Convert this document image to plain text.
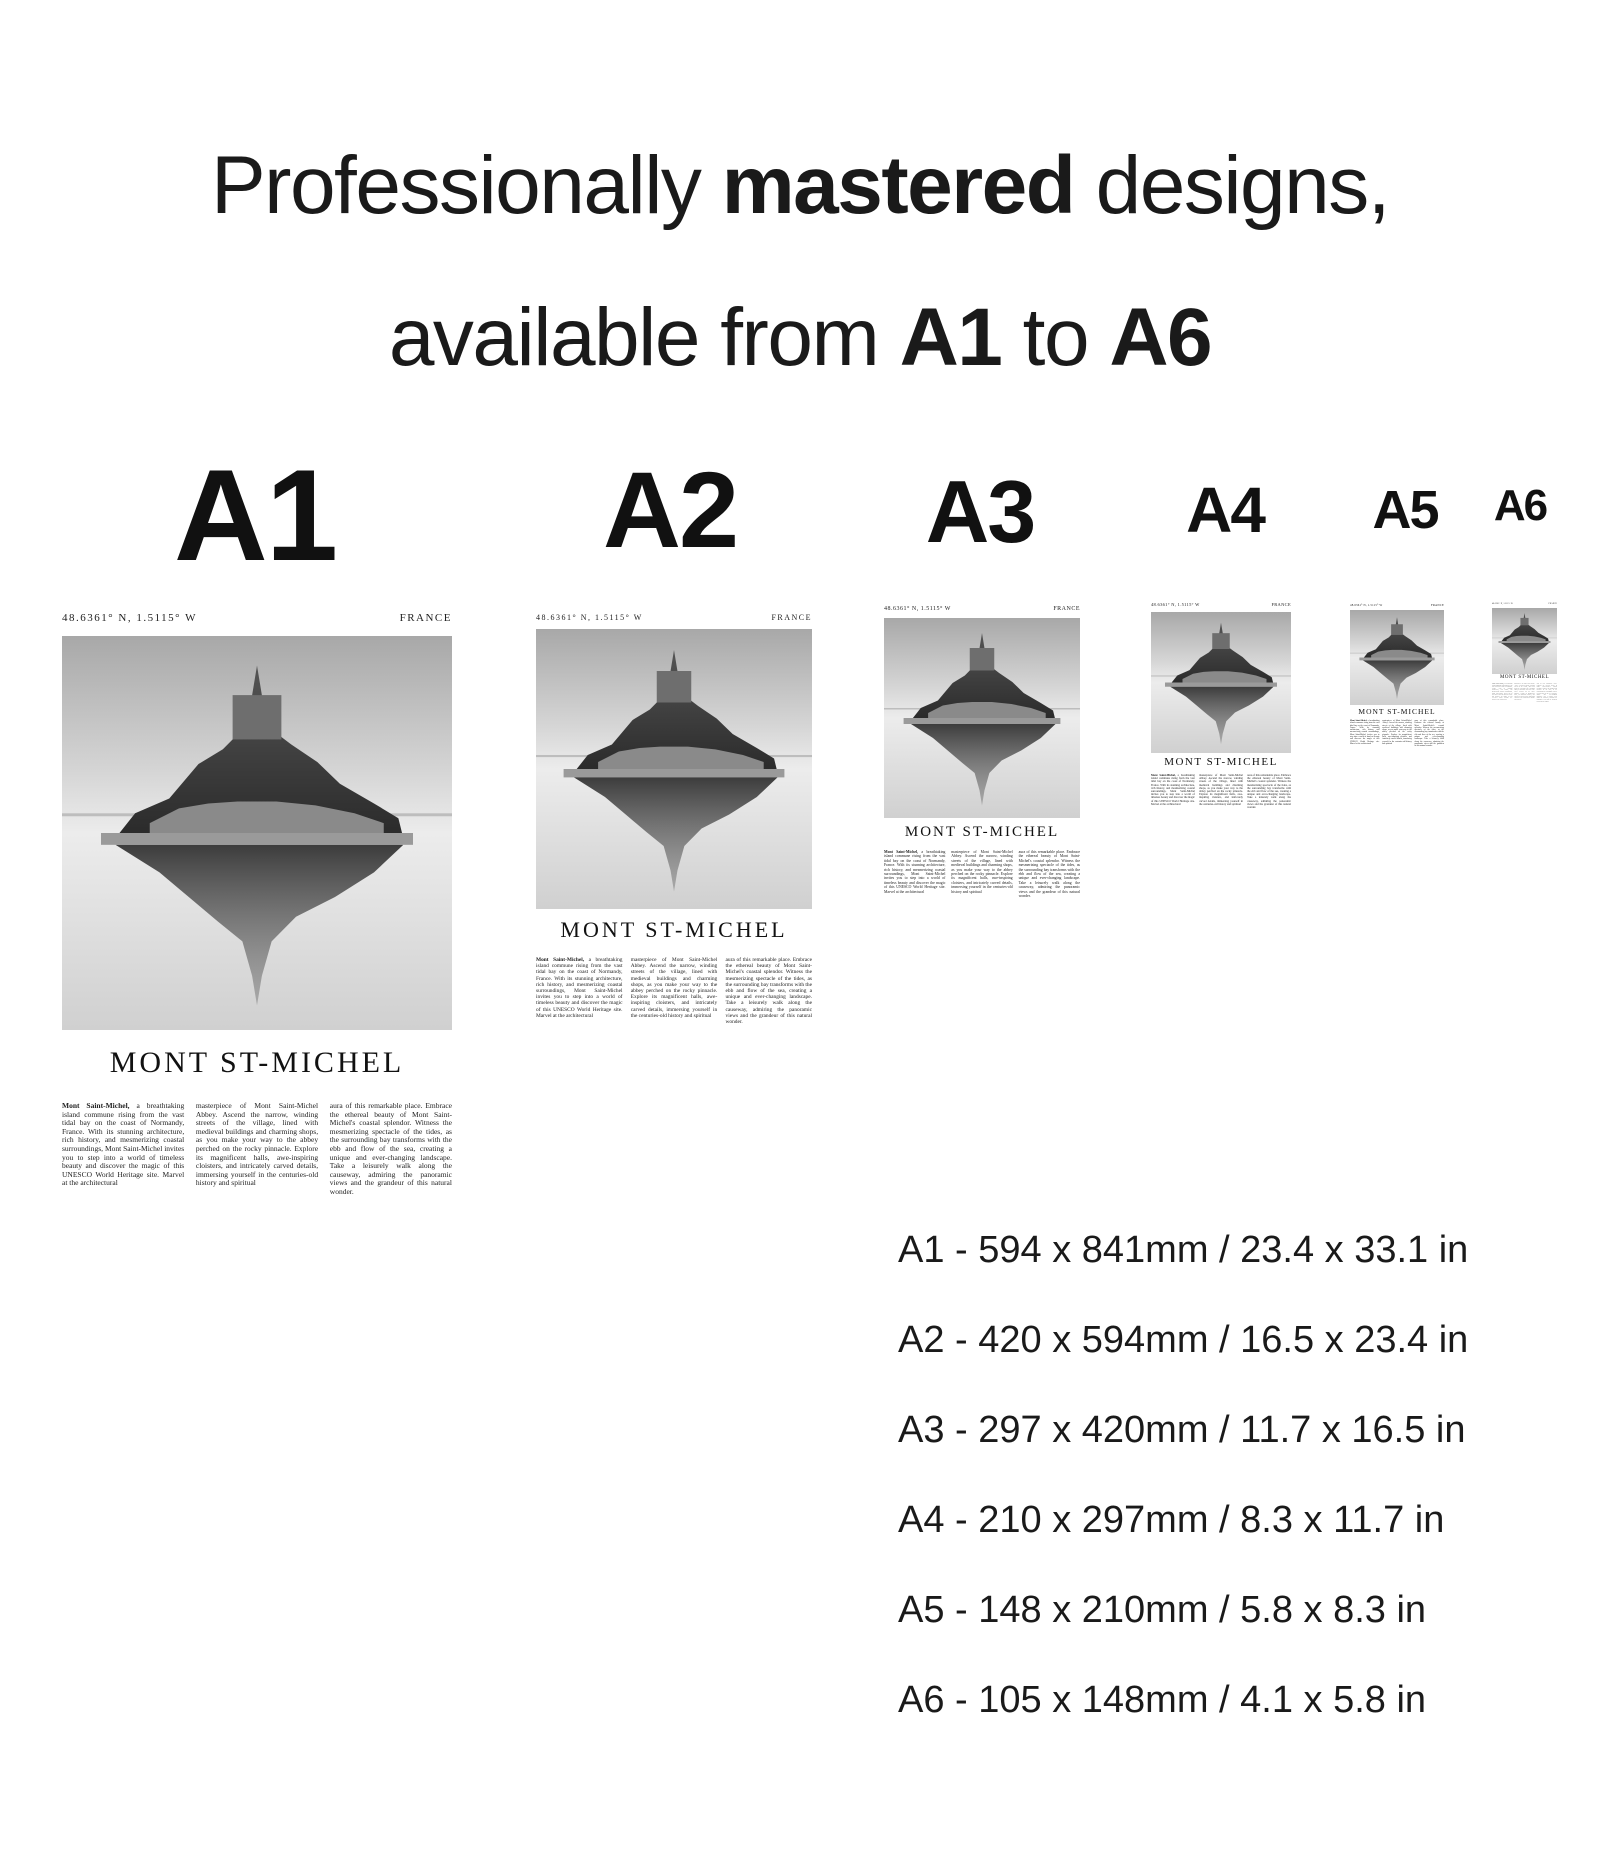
Professionally mastered designs,
available from A1 to A6
A1 A2 A3	A4	A5	A6
48.6361° N, 1.5115° W	FRANCE
MONT ST-MICHEL
Mont Saint-Michel, a breathtaking island commune rising from the vast tidal bay on the coast of Normandy, France. With its stunning architecture, rich history, and mesmerizing coastal surroundings, Mont Saint-Michel invites you to step into a world of timeless beauty and discover the magic of this UNESCO World Heritage site. Marvel at the architectural
masterpiece of Mont Saint-Michel Abbey. Ascend the narrow, winding streets of the village, lined with medieval buildings and charming shops, as you make your way to the abbey perched on the rocky pinnacle. Explore its magnificent halls, awe-inspiring cloisters, and intricately carved details, immersing yourself in the centuries-old history and spiritual
aura of this remarkable place. Embrace the ethereal beauty of Mont Saint-Michel's coastal splendor. Witness the mesmerizing spectacle of the tides, as the surrounding bay transforms with the ebb and flow of the sea, creating a unique and ever-changing landscape. Take a leisurely walk along the causeway, admiring the panoramic views and the grandeur of this natural wonder.
48.6361° N, 1.5115° W	FRANCE
MONT ST-MICHEL
Mont Saint-Michel, a breathtaking island commune rising from the vast tidal bay on the coast of Normandy, France. With its stunning architecture, rich history, and mesmerizing coastal surroundings, Mont Saint-Michel invites you to step into a world of timeless beauty and discover the magic of this UNESCO World Heritage site. Marvel at the architectural
masterpiece of Mont Saint-Michel Abbey. Ascend the narrow, winding streets of the village, lined with medieval buildings and charming shops, as you make your way to the abbey perched on the rocky pinnacle. Explore its magnificent halls, awe-inspiring cloisters, and intricately carved details, immersing yourself in the centuries-old history and spiritual
aura of this remarkable place. Embrace the ethereal beauty of Mont Saint-Michel's coastal splendor. Witness the mesmerizing spectacle of the tides, as the surrounding bay transforms with the ebb and flow of the sea, creating a unique and ever-changing landscape. Take a leisurely walk along the causeway, admiring the panoramic views and the grandeur of this natural wonder.
48.6361° N, 1.5115° W	FRANCE
MONT ST-MICHEL
Mont Saint-Michel, a breathtaking island commune rising from the vast tidal bay on the coast of Normandy, France. With its stunning architecture, rich history, and mesmerizing coastal surroundings, Mont Saint-Michel invites you to step into a world of timeless beauty and discover the magic of this UNESCO World Heritage site. Marvel at the architectural
masterpiece of Mont Saint-Michel Abbey. Ascend the narrow, winding streets of the village, lined with medieval buildings and charming shops, as you make your way to the abbey perched on the rocky pinnacle. Explore its magnificent halls, awe-inspiring cloisters, and intricately carved details, immersing yourself in the centuries-old history and spiritual
aura of this remarkable place. Embrace the ethereal beauty of Mont Saint-Michel's coastal splendor. Witness the mesmerizing spectacle of the tides, as the surrounding bay transforms with the ebb and flow of the sea, creating a unique and ever-changing landscape. Take a leisurely walk along the causeway, admiring the panoramic views and the grandeur of this natural wonder.
48.6361° N, 1.5115° W	FRANCE
MONT ST-MICHEL
Mont Saint-Michel, a breathtaking island commune rising from the vast tidal bay on the coast of Normandy, France. With its stunning architecture, rich history, and mesmerizing coastal surroundings, Mont Saint-Michel invites you to step into a world of timeless beauty and discover the magic of this UNESCO World Heritage site. Marvel at the architectural
masterpiece of Mont Saint-Michel Abbey. Ascend the narrow, winding streets of the village, lined with medieval buildings and charming shops, as you make your way to the abbey perched on the rocky pinnacle. Explore its magnificent halls, awe-inspiring cloisters, and intricately carved details, immersing yourself in the centuries-old history and spiritual
aura of this remarkable place. Embrace the ethereal beauty of Mont Saint-Michel's coastal splendor. Witness the mesmerizing spectacle of the tides, as the surrounding bay transforms with the ebb and flow of the sea, creating a unique and ever-changing landscape. Take a leisurely walk along the causeway, admiring the panoramic views and the grandeur of this natural wonder.
48.6361° N, 1.5115° W	FRANCE
MONT ST-MICHEL
Mont Saint-Michel, a breathtaking island commune rising from the vast tidal bay on the coast of Normandy, France. With its stunning architecture, rich history, and mesmerizing coastal surroundings, Mont Saint-Michel invites you to step into a world of timeless beauty and discover the magic of this UNESCO World Heritage site. Marvel at the architectural
masterpiece of Mont Saint-Michel Abbey. Ascend the narrow, winding streets of the village, lined with medieval buildings and charming shops, as you make your way to the abbey perched on the rocky pinnacle. Explore its magnificent halls, awe-inspiring cloisters, and intricately carved details, immersing yourself in the centuries-old history and spiritual
aura of this remarkable place. Embrace the ethereal beauty of Mont Saint-Michel's coastal splendor. Witness the mesmerizing spectacle of the tides, as the surrounding bay transforms with the ebb and flow of the sea, creating a unique and ever-changing landscape. Take a leisurely walk along the causeway, admiring the panoramic views and the grandeur of this natural wonder.
48.6361° N, 1.5115° W	FRANCE
MONT ST-MICHEL
Mont Saint-Michel, a breathtaking island commune rising from the vast tidal bay on the coast of Normandy, France. With its stunning architecture, rich history, and mesmerizing coastal surroundings, Mont Saint-Michel invites you to step into a world of timeless beauty and discover the magic of this UNESCO World Heritage site. Marvel at the architectural
masterpiece of Mont Saint-Michel Abbey. Ascend the narrow, winding streets of the village, lined with medieval buildings and charming shops, as you make your way to the abbey perched on the rocky pinnacle. Explore its magnificent halls, awe-inspiring cloisters, and intricately carved details, immersing yourself in the centuries-old history and spiritual
aura of this remarkable place. Embrace the ethereal beauty of Mont Saint-Michel's coastal splendor. Witness the mesmerizing spectacle of the tides, as the surrounding bay transforms with the ebb and flow of the sea, creating a unique and ever-changing landscape. Take a leisurely walk along the causeway, admiring the panoramic views and the grandeur of this natural wonder.
A1 - 594 x 841mm / 23.4 x 33.1 in
A2 - 420 x 594mm / 16.5 x 23.4 in
A3 - 297 x 420mm / 11.7 x 16.5 in
A4 - 210 x 297mm / 8.3 x 11.7 in
A5 - 148 x 210mm / 5.8 x 8.3 in
A6 - 105 x 148mm / 4.1 x 5.8 in
